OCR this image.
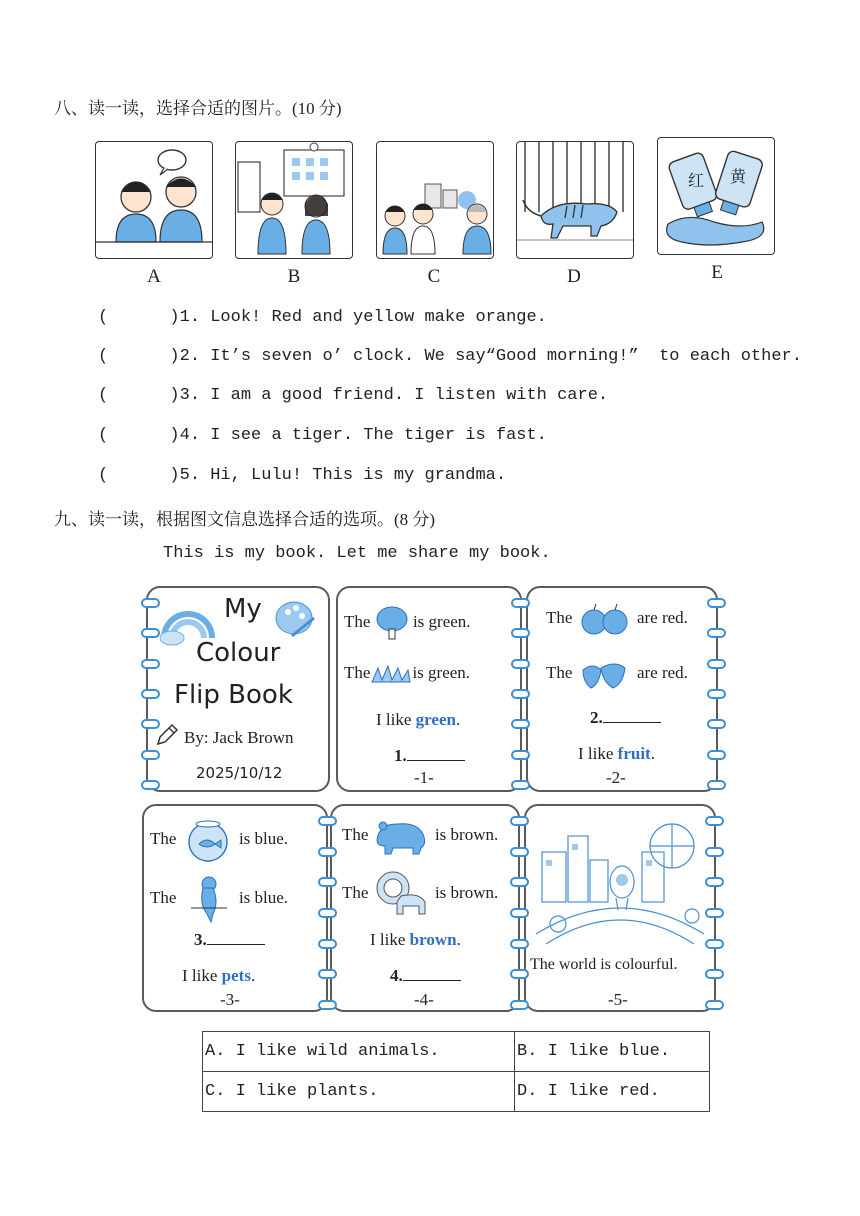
八、读一读，选择合适的图片。(10 分)
红 黄
A	B	C	D	E
(      )1. Look! Red and yellow make orange.
(      )2. It’s seven o’ clock. We say“Good morning!”  to each other.
(      )3. I am a good friend. I listen with care.
(      )4. I see a tiger. The tiger is fast.
(      )5. Hi, Lulu! This is my grandma.
九、读一读，根据图文信息选择合适的选项。(8 分)
This is my book. Let me share my book.
My
Colour
Flip Book
By: Jack Brown
2025/10/12
The	is green.
The is green.
I like green.
1.
-1-
The	are red.
The	are red.
2.
I like fruit.
-2-
The	is blue.
The	is blue.
3.
I like pets.
-3-
The	is brown.
The	is brown.
I like brown.
4.
-4-
The world is colourful.
-5-
A. I like wild animals.	B. I like blue.
C. I like plants.	D. I like red.
